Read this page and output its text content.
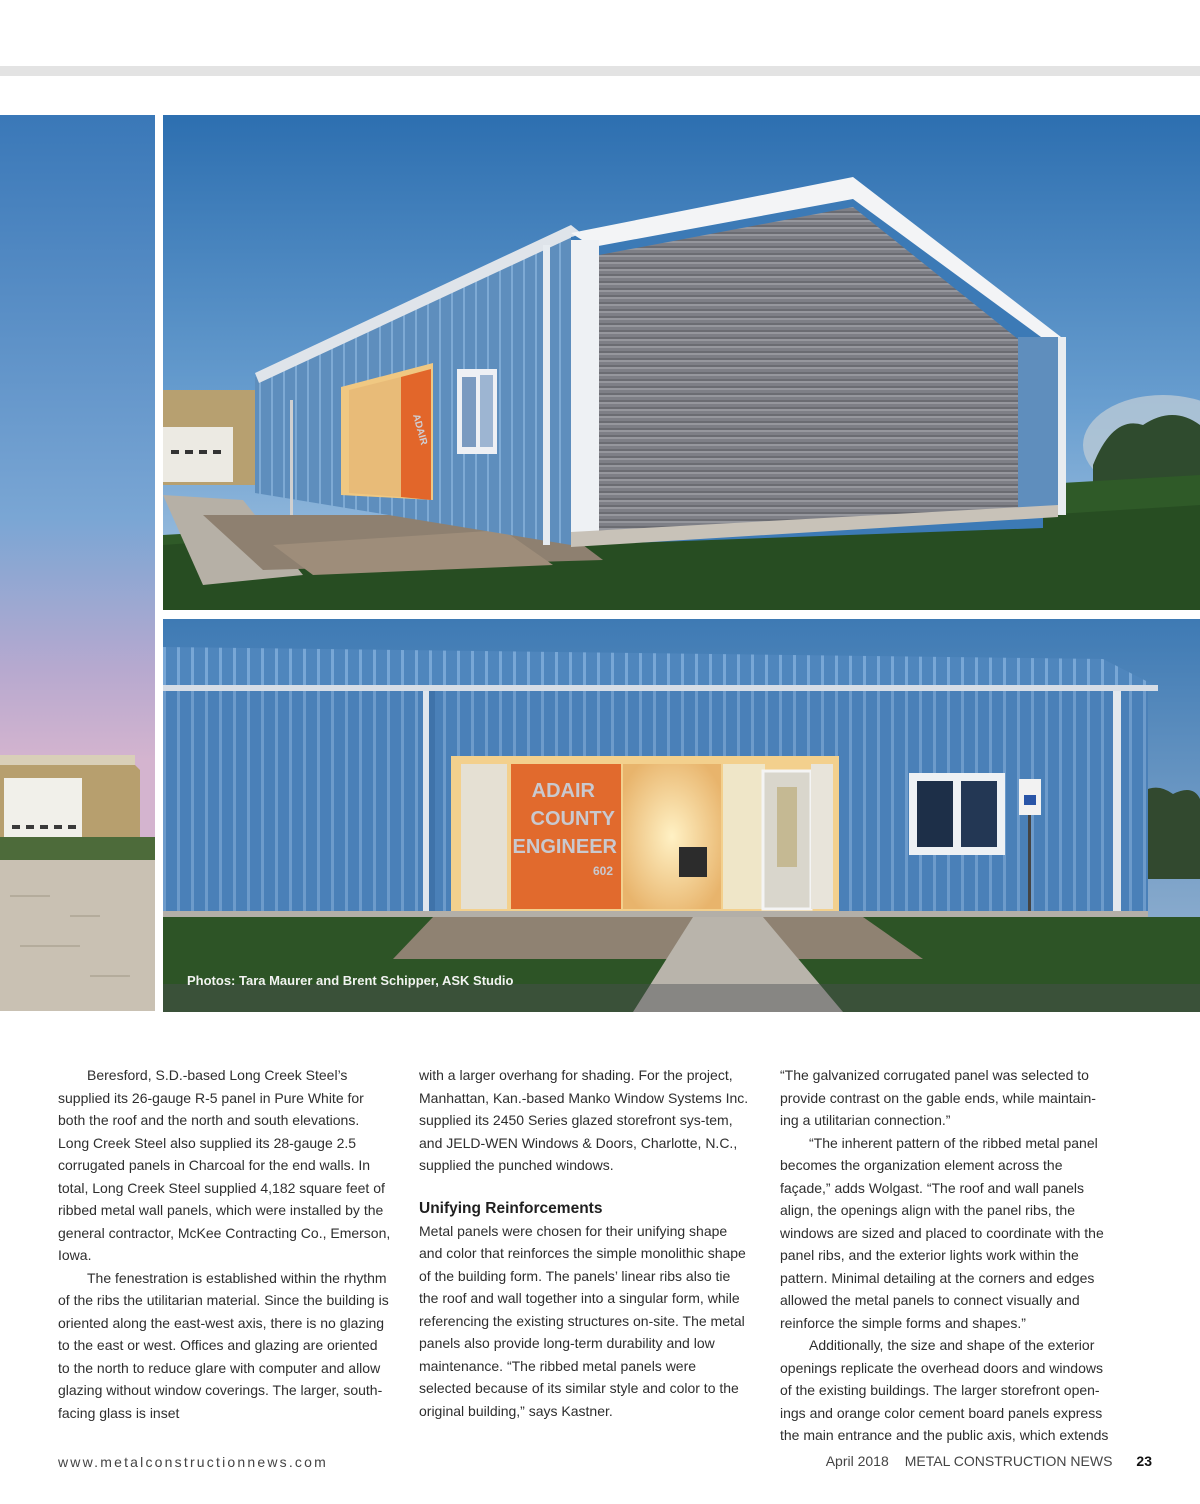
ADAIR
ADAIR
COUNTY
ENGINEER
602
Photos: Tara Maurer and Brent Schipper, ASK Studio

Beresford, S.D.-based Long Creek Steel’s supplied its 26-gauge R-5 panel in Pure White for both the roof and the north and south elevations. Long Creek Steel also supplied its 28-gauge 2.5 corrugated panels in Charcoal for the end walls. In total, Long Creek Steel supplied 4,182 square feet of ribbed metal wall panels, which were installed by the general contractor, McKee Contracting Co., Emerson, Iowa.

The fenestration is established within the rhythm of the ribs the utilitarian material. Since the building is oriented along the east-west axis, there is no glazing to the east or west. Offices and glazing are oriented to the north to reduce glare with computer and allow glazing without window coverings. The larger, south-facing glass is inset

with a larger overhang for shading. For the project, Manhattan, Kan.-based Manko Window Systems Inc. supplied its 2450 Series glazed storefront sys-tem, and JELD-WEN Windows & Doors, Charlotte, N.C., supplied the punched windows.

Unifying Reinforcements

Metal panels were chosen for their unifying shape and color that reinforces the simple monolithic shape of the building form. The panels’ linear ribs also tie the roof and wall together into a singular form, while referencing the existing structures on-site. The metal panels also provide long-term durability and low maintenance. “The ribbed metal panels were selected because of its similar style and color to the original building,” says Kastner.

“The galvanized corrugated panel was selected to provide contrast on the gable ends, while maintain-ing a utilitarian connection.”

“The inherent pattern of the ribbed metal panel becomes the organization element across the façade,” adds Wolgast. “The roof and wall panels align, the openings align with the panel ribs, the windows are sized and placed to coordinate with the panel ribs, and the exterior lights work within the pattern. Minimal detailing at the corners and edges allowed the metal panels to connect visually and reinforce the simple forms and shapes.”

Additionally, the size and shape of the exterior openings replicate the overhead doors and windows of the existing buildings. The larger storefront open-ings and orange color cement board panels express the main entrance and the public axis, which extends

www.metalconstructionnews.com	April 2018 METAL CONSTRUCTION NEWS 23
